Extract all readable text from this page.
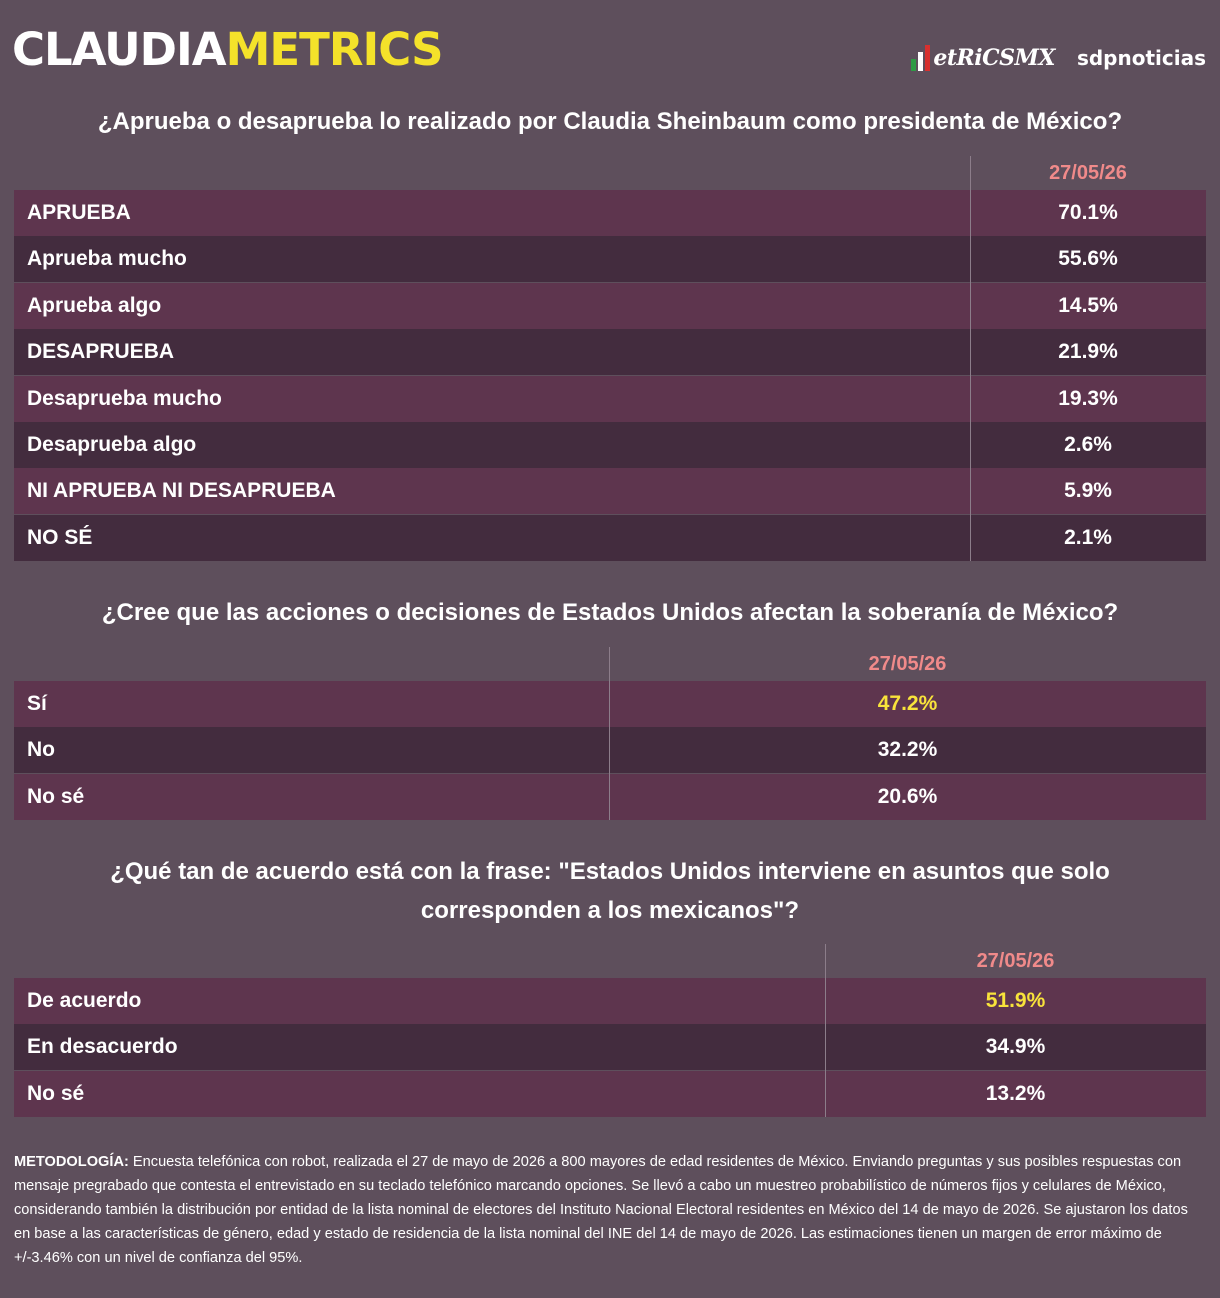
CLAUDIAMETRICS	etRiCSMX sdpnoticias
¿Aprueba o desaprueba lo realizado por Claudia Sheinbaum como presidenta de México?
27/05/26
APRUEBA	70.1%
Aprueba mucho	55.6%
Aprueba algo	14.5%
DESAPRUEBA	21.9%
Desaprueba mucho	19.3%
Desaprueba algo	2.6%
NI APRUEBA NI DESAPRUEBA	5.9%
NO SÉ	2.1%
¿Cree que las acciones o decisiones de Estados Unidos afectan la soberanía de México?
27/05/26
Sí	47.2%
No	32.2%
No sé	20.6%
¿Qué tan de acuerdo está con la frase: "Estados Unidos interviene en asuntos que solo
corresponden a los mexicanos"?
27/05/26
De acuerdo	51.9%
En desacuerdo	34.9%
No sé	13.2%
METODOLOGÍA: Encuesta telefónica con robot, realizada el 27 de mayo de 2026 a 800 mayores de edad residentes de México. Enviando preguntas y sus posibles respuestas con mensaje pregrabado que contesta el entrevistado en su teclado telefónico marcando opciones. Se llevó a cabo un muestreo probabilístico de números fijos y celulares de México, considerando también la distribución por entidad de la lista nominal de electores del Instituto Nacional Electoral residentes en México del 14 de mayo de 2026. Se ajustaron los datos en base a las características de género, edad y estado de residencia de la lista nominal del INE del 14 de mayo de 2026. Las estimaciones tienen un margen de error máximo de +/-3.46% con un nivel de confianza del 95%.
